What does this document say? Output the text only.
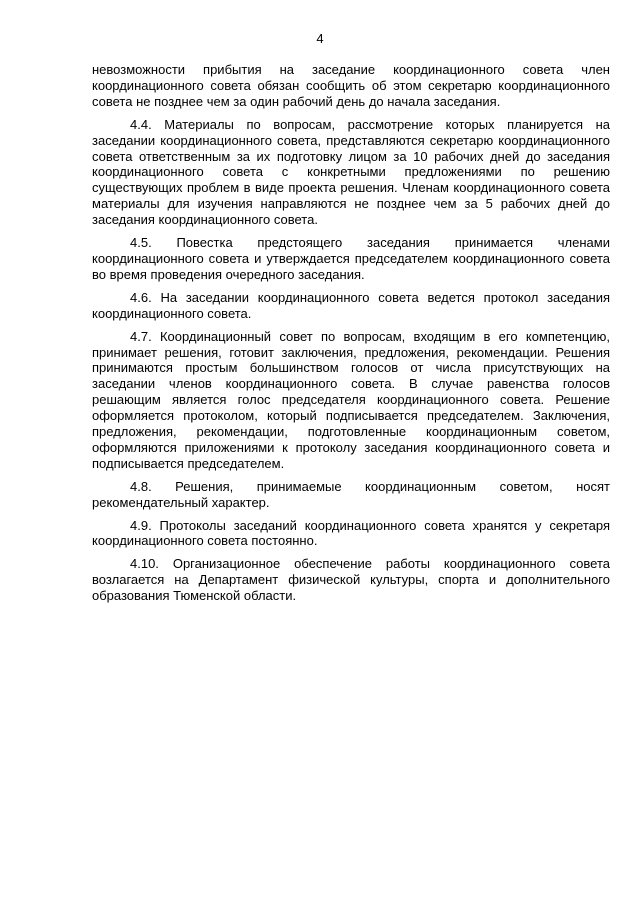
4

невозможности прибытия на заседание координационного совета член координационного совета обязан сообщить об этом секретарю координационного совета не позднее чем за один рабочий день до начала заседания.

4.4. Материалы по вопросам, рассмотрение которых планируется на заседании координационного совета, представляются секретарю координационного совета ответственным за их подготовку лицом за 10 рабочих дней до заседания координационного совета с конкретными предложениями по решению существующих проблем в виде проекта решения. Членам координационного совета материалы для изучения направляются не позднее чем за 5 рабочих дней до заседания координационного совета.

4.5. Повестка предстоящего заседания принимается членами координационного совета и утверждается председателем координационного совета во время проведения очередного заседания.

4.6. На заседании координационного совета ведется протокол заседания координационного совета.

4.7. Координационный совет по вопросам, входящим в его компетенцию, принимает решения, готовит заключения, предложения, рекомендации. Решения принимаются простым большинством голосов от числа присутствующих на заседании членов координационного совета. В случае равенства голосов решающим является голос председателя координационного совета. Решение оформляется протоколом, который подписывается председателем. Заключения, предложения, рекомендации, подготовленные координационным советом, оформляются приложениями к протоколу заседания координационного совета и подписывается председателем.

4.8. Решения, принимаемые координационным советом, носят рекомендательный характер.

4.9. Протоколы заседаний координационного совета хранятся у секретаря координационного совета постоянно.

4.10. Организационное обеспечение работы координационного совета возлагается на Департамент физической культуры, спорта и дополнительного образования Тюменской области.
